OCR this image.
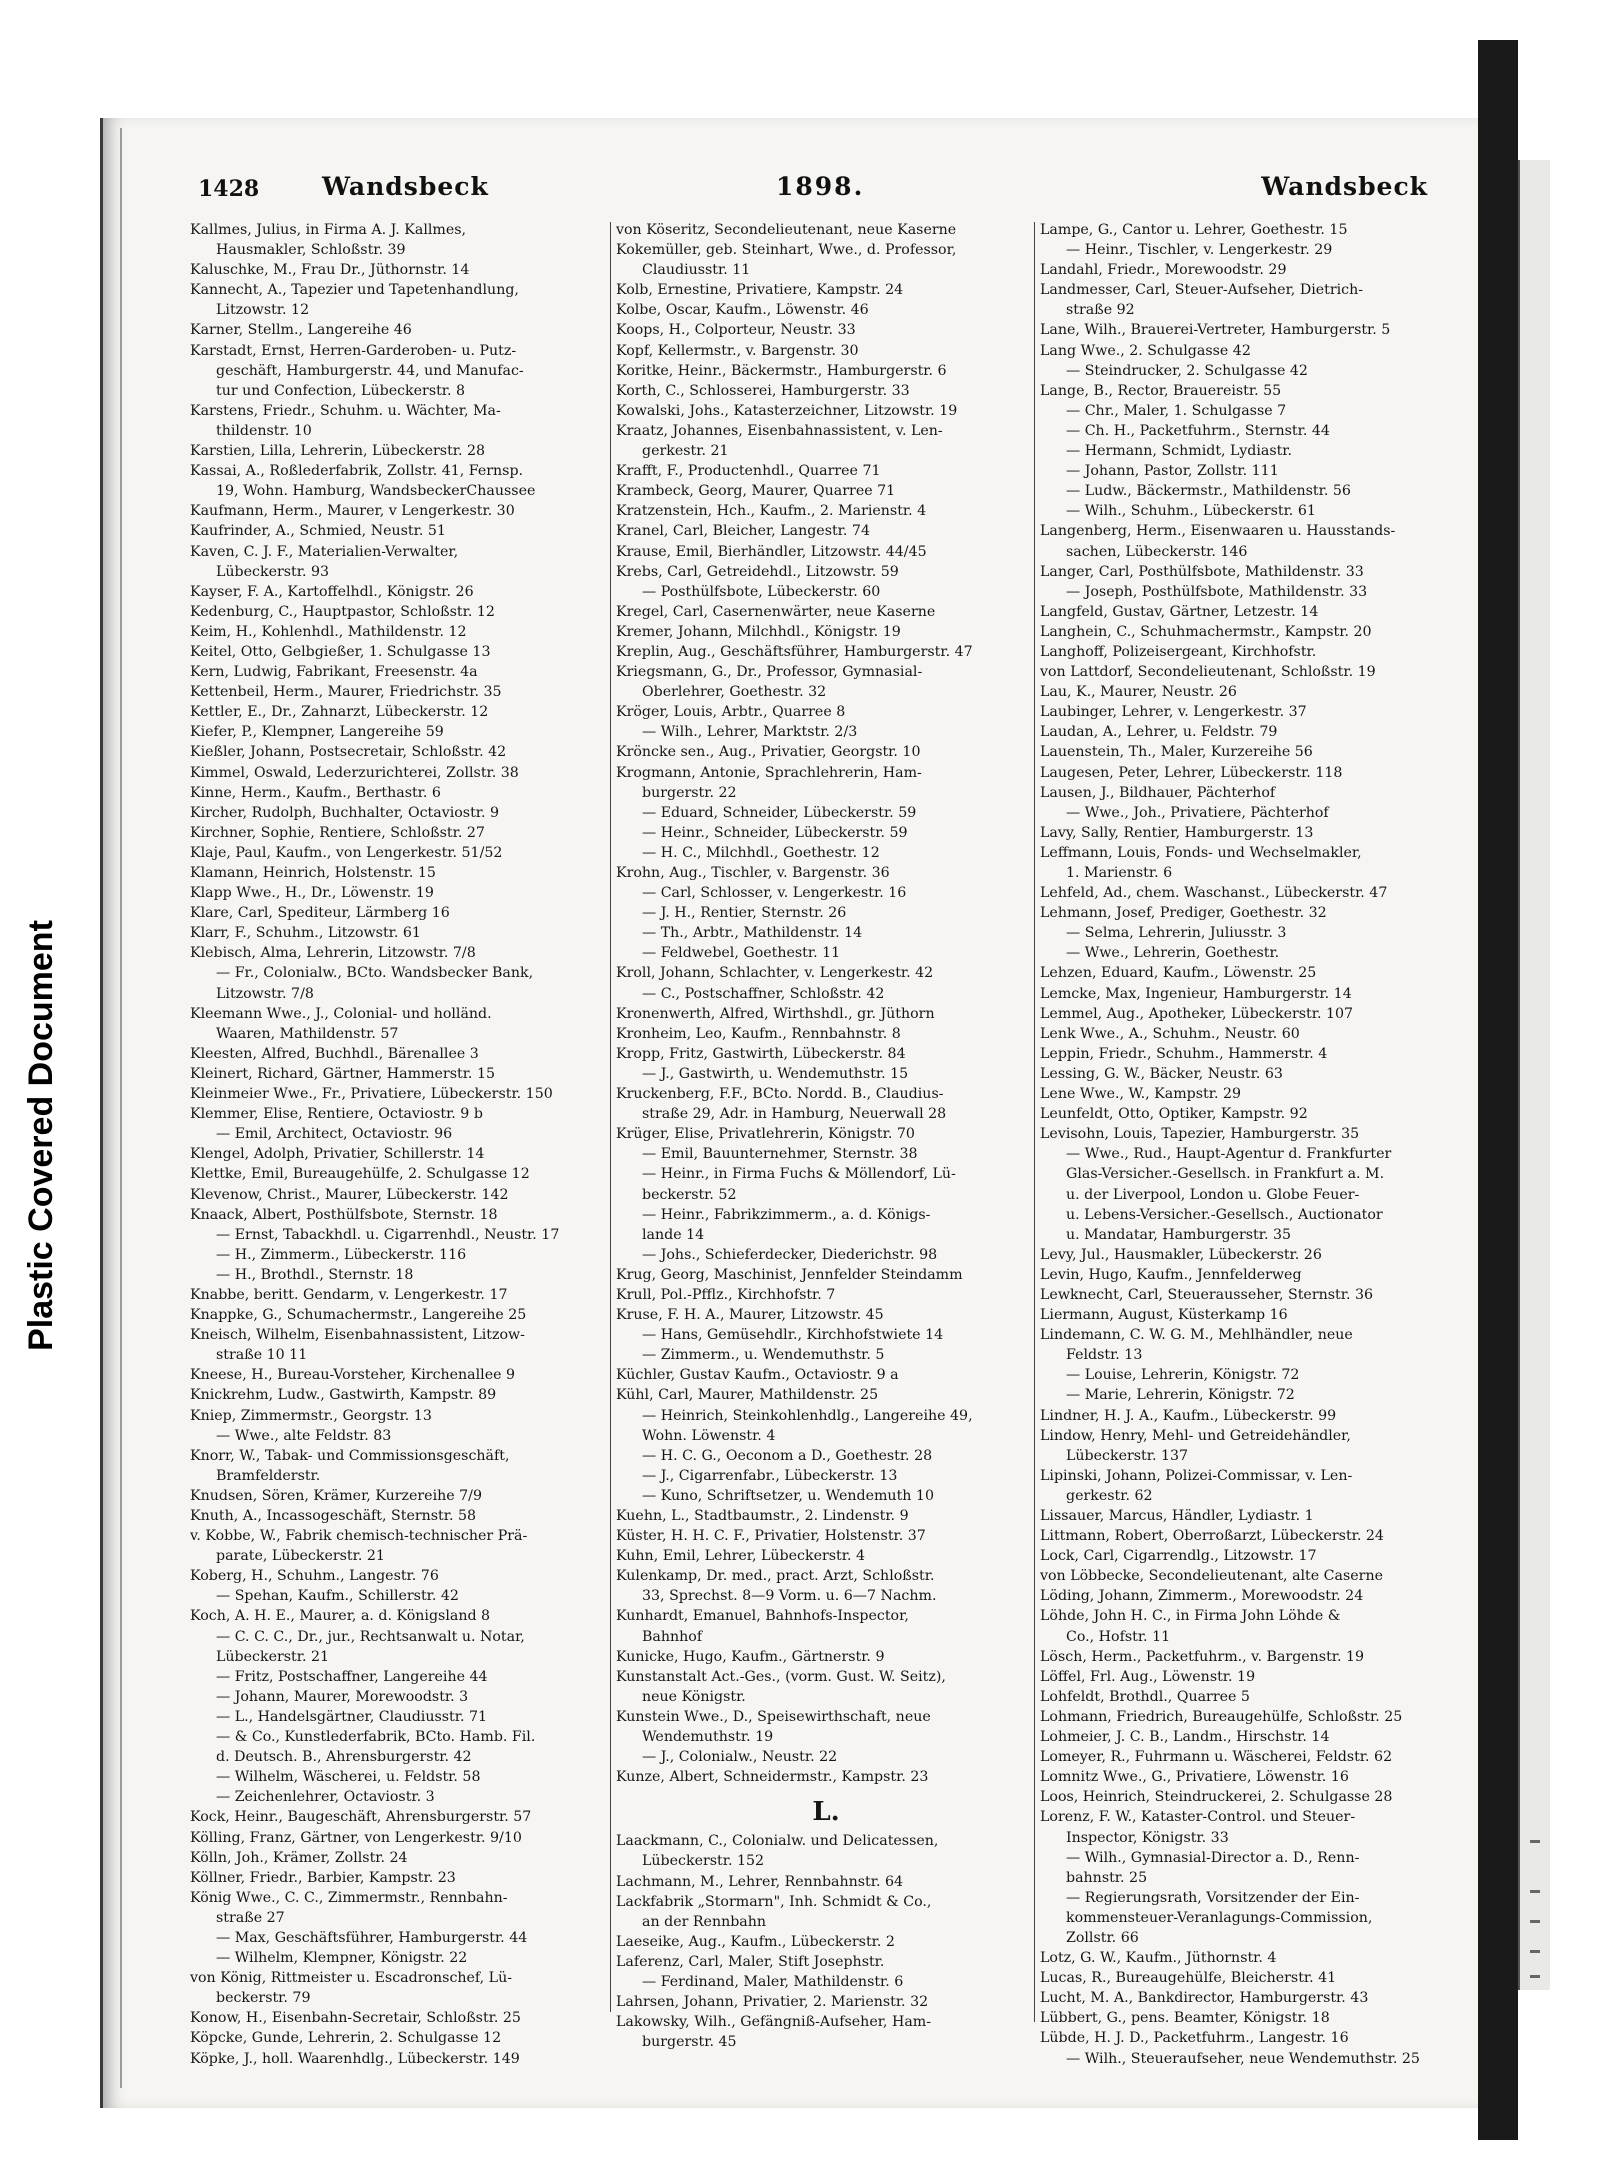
Plastic Covered Document
1428	Wandsbeck	1898.	Wandsbeck
Kallmes, Julius, in Firma A. J. Kallmes,
Hausmakler, Schloßstr. 39
Kaluschke, M., Frau Dr., Jüthornstr. 14
Kannecht, A., Tapezier und Tapetenhandlung,
Litzowstr. 12
Karner, Stellm., Langereihe 46
Karstadt, Ernst, Herren-Garderoben- u. Putz-
geschäft, Hamburgerstr. 44, und Manufac-
tur und Confection, Lübeckerstr. 8
Karstens, Friedr., Schuhm. u. Wächter, Ma-
thildenstr. 10
Karstien, Lilla, Lehrerin, Lübeckerstr. 28
Kassai, A., Roßlederfabrik, Zollstr. 41, Fernsp.
19, Wohn. Hamburg, WandsbeckerChaussee
Kaufmann, Herm., Maurer, v Lengerkestr. 30
Kaufrinder, A., Schmied, Neustr. 51
Kaven, C. J. F., Materialien-Verwalter,
Lübeckerstr. 93
Kayser, F. A., Kartoffelhdl., Königstr. 26
Kedenburg, C., Hauptpastor, Schloßstr. 12
Keim, H., Kohlenhdl., Mathildenstr. 12
Keitel, Otto, Gelbgießer, 1. Schulgasse 13
Kern, Ludwig, Fabrikant, Freesenstr. 4a
Kettenbeil, Herm., Maurer, Friedrichstr. 35
Kettler, E., Dr., Zahnarzt, Lübeckerstr. 12
Kiefer, P., Klempner, Langereihe 59
Kießler, Johann, Postsecretair, Schloßstr. 42
Kimmel, Oswald, Lederzurichterei, Zollstr. 38
Kinne, Herm., Kaufm., Berthastr. 6
Kircher, Rudolph, Buchhalter, Octaviostr. 9
Kirchner, Sophie, Rentiere, Schloßstr. 27
Klaje, Paul, Kaufm., von Lengerkestr. 51/52
Klamann, Heinrich, Holstenstr. 15
Klapp Wwe., H., Dr., Löwenstr. 19
Klare, Carl, Spediteur, Lärmberg 16
Klarr, F., Schuhm., Litzowstr. 61
Klebisch, Alma, Lehrerin, Litzowstr. 7/8
— Fr., Colonialw., BCto. Wandsbecker Bank,
Litzowstr. 7/8
Kleemann Wwe., J., Colonial- und holländ.
Waaren, Mathildenstr. 57
Kleesten, Alfred, Buchhdl., Bärenallee 3
Kleinert, Richard, Gärtner, Hammerstr. 15
Kleinmeier Wwe., Fr., Privatiere, Lübeckerstr. 150
Klemmer, Elise, Rentiere, Octaviostr. 9 b
— Emil, Architect, Octaviostr. 96
Klengel, Adolph, Privatier, Schillerstr. 14
Klettke, Emil, Bureaugehülfe, 2. Schulgasse 12
Klevenow, Christ., Maurer, Lübeckerstr. 142
Knaack, Albert, Posthülfsbote, Sternstr. 18
— Ernst, Tabackhdl. u. Cigarrenhdl., Neustr. 17
— H., Zimmerm., Lübeckerstr. 116
— H., Brothdl., Sternstr. 18
Knabbe, beritt. Gendarm, v. Lengerkestr. 17
Knappke, G., Schumachermstr., Langereihe 25
Kneisch, Wilhelm, Eisenbahnassistent, Litzow-
straße 10 11
Kneese, H., Bureau-Vorsteher, Kirchenallee 9
Knickrehm, Ludw., Gastwirth, Kampstr. 89
Kniep, Zimmermstr., Georgstr. 13
— Wwe., alte Feldstr. 83
Knorr, W., Tabak- und Commissionsgeschäft,
Bramfelderstr.
Knudsen, Sören, Krämer, Kurzereihe 7/9
Knuth, A., Incassogeschäft, Sternstr. 58
v. Kobbe, W., Fabrik chemisch-technischer Prä-
parate, Lübeckerstr. 21
Koberg, H., Schuhm., Langestr. 76
— Spehan, Kaufm., Schillerstr. 42
Koch, A. H. E., Maurer, a. d. Königsland 8
— C. C. C., Dr., jur., Rechtsanwalt u. Notar,
Lübeckerstr. 21
— Fritz, Postschaffner, Langereihe 44
— Johann, Maurer, Morewoodstr. 3
— L., Handelsgärtner, Claudiusstr. 71
— & Co., Kunstlederfabrik, BCto. Hamb. Fil.
d. Deutsch. B., Ahrensburgerstr. 42
— Wilhelm, Wäscherei, u. Feldstr. 58
— Zeichenlehrer, Octaviostr. 3
Kock, Heinr., Baugeschäft, Ahrensburgerstr. 57
Kölling, Franz, Gärtner, von Lengerkestr. 9/10
Kölln, Joh., Krämer, Zollstr. 24
Köllner, Friedr., Barbier, Kampstr. 23
König Wwe., C. C., Zimmermstr., Rennbahn-
straße 27
— Max, Geschäftsführer, Hamburgerstr. 44
— Wilhelm, Klempner, Königstr. 22
von König, Rittmeister u. Escadronschef, Lü-
beckerstr. 79
Konow, H., Eisenbahn-Secretair, Schloßstr. 25
Köpcke, Gunde, Lehrerin, 2. Schulgasse 12
Köpke, J., holl. Waarenhdlg., Lübeckerstr. 149
von Köseritz, Secondelieutenant, neue Kaserne
Kokemüller, geb. Steinhart, Wwe., d. Professor,
Claudiusstr. 11
Kolb, Ernestine, Privatiere, Kampstr. 24
Kolbe, Oscar, Kaufm., Löwenstr. 46
Koops, H., Colporteur, Neustr. 33
Kopf, Kellermstr., v. Bargenstr. 30
Koritke, Heinr., Bäckermstr., Hamburgerstr. 6
Korth, C., Schlosserei, Hamburgerstr. 33
Kowalski, Johs., Katasterzeichner, Litzowstr. 19
Kraatz, Johannes, Eisenbahnassistent, v. Len-
gerkestr. 21
Krafft, F., Productenhdl., Quarree 71
Krambeck, Georg, Maurer, Quarree 71
Kratzenstein, Hch., Kaufm., 2. Marienstr. 4
Kranel, Carl, Bleicher, Langestr. 74
Krause, Emil, Bierhändler, Litzowstr. 44/45
Krebs, Carl, Getreidehdl., Litzowstr. 59
— Posthülfsbote, Lübeckerstr. 60
Kregel, Carl, Casernenwärter, neue Kaserne
Kremer, Johann, Milchhdl., Königstr. 19
Kreplin, Aug., Geschäftsführer, Hamburgerstr. 47
Kriegsmann, G., Dr., Professor, Gymnasial-
Oberlehrer, Goethestr. 32
Kröger, Louis, Arbtr., Quarree 8
— Wilh., Lehrer, Marktstr. 2/3
Kröncke sen., Aug., Privatier, Georgstr. 10
Krogmann, Antonie, Sprachlehrerin, Ham-
burgerstr. 22
— Eduard, Schneider, Lübeckerstr. 59
— Heinr., Schneider, Lübeckerstr. 59
— H. C., Milchhdl., Goethestr. 12
Krohn, Aug., Tischler, v. Bargenstr. 36
— Carl, Schlosser, v. Lengerkestr. 16
— J. H., Rentier, Sternstr. 26
— Th., Arbtr., Mathildenstr. 14
— Feldwebel, Goethestr. 11
Kroll, Johann, Schlachter, v. Lengerkestr. 42
— C., Postschaffner, Schloßstr. 42
Kronenwerth, Alfred, Wirthshdl., gr. Jüthorn
Kronheim, Leo, Kaufm., Rennbahnstr. 8
Kropp, Fritz, Gastwirth, Lübeckerstr. 84
— J., Gastwirth, u. Wendemuthstr. 15
Kruckenberg, F.F., BCto. Nordd. B., Claudius-
straße 29, Adr. in Hamburg, Neuerwall 28
Krüger, Elise, Privatlehrerin, Königstr. 70
— Emil, Bauunternehmer, Sternstr. 38
— Heinr., in Firma Fuchs & Möllendorf, Lü-
beckerstr. 52
— Heinr., Fabrikzimmerm., a. d. Königs-
lande 14
— Johs., Schieferdecker, Diederichstr. 98
Krug, Georg, Maschinist, Jennfelder Steindamm
Krull, Pol.-Pfflz., Kirchhofstr. 7
Kruse, F. H. A., Maurer, Litzowstr. 45
— Hans, Gemüsehdlr., Kirchhofstwiete 14
— Zimmerm., u. Wendemuthstr. 5
Küchler, Gustav Kaufm., Octaviostr. 9 a
Kühl, Carl, Maurer, Mathildenstr. 25
— Heinrich, Steinkohlenhdlg., Langereihe 49,
Wohn. Löwenstr. 4
— H. C. G., Oeconom a D., Goethestr. 28
— J., Cigarrenfabr., Lübeckerstr. 13
— Kuno, Schriftsetzer, u. Wendemuth 10
Kuehn, L., Stadtbaumstr., 2. Lindenstr. 9
Küster, H. H. C. F., Privatier, Holstenstr. 37
Kuhn, Emil, Lehrer, Lübeckerstr. 4
Kulenkamp, Dr. med., pract. Arzt, Schloßstr.
33, Sprechst. 8—9 Vorm. u. 6—7 Nachm.
Kunhardt, Emanuel, Bahnhofs-Inspector,
Bahnhof
Kunicke, Hugo, Kaufm., Gärtnerstr. 9
Kunstanstalt Act.-Ges., (vorm. Gust. W. Seitz),
neue Königstr.
Kunstein Wwe., D., Speisewirthschaft, neue
Wendemuthstr. 19
— J., Colonialw., Neustr. 22
Kunze, Albert, Schneidermstr., Kampstr. 23
L.
Laackmann, C., Colonialw. und Delicatessen,
Lübeckerstr. 152
Lachmann, M., Lehrer, Rennbahnstr. 64
Lackfabrik „Stormarn", Inh. Schmidt & Co.,
an der Rennbahn
Laeseike, Aug., Kaufm., Lübeckerstr. 2
Laferenz, Carl, Maler, Stift Josephstr.
— Ferdinand, Maler, Mathildenstr. 6
Lahrsen, Johann, Privatier, 2. Marienstr. 32
Lakowsky, Wilh., Gefängniß-Aufseher, Ham-
burgerstr. 45
Lampe, G., Cantor u. Lehrer, Goethestr. 15
— Heinr., Tischler, v. Lengerkestr. 29
Landahl, Friedr., Morewoodstr. 29
Landmesser, Carl, Steuer-Aufseher, Dietrich-
straße 92
Lane, Wilh., Brauerei-Vertreter, Hamburgerstr. 5
Lang Wwe., 2. Schulgasse 42
— Steindrucker, 2. Schulgasse 42
Lange, B., Rector, Brauereistr. 55
— Chr., Maler, 1. Schulgasse 7
— Ch. H., Packetfuhrm., Sternstr. 44
— Hermann, Schmidt, Lydiastr.
— Johann, Pastor, Zollstr. 111
— Ludw., Bäckermstr., Mathildenstr. 56
— Wilh., Schuhm., Lübeckerstr. 61
Langenberg, Herm., Eisenwaaren u. Hausstands-
sachen, Lübeckerstr. 146
Langer, Carl, Posthülfsbote, Mathildenstr. 33
— Joseph, Posthülfsbote, Mathildenstr. 33
Langfeld, Gustav, Gärtner, Letzestr. 14
Langhein, C., Schuhmachermstr., Kampstr. 20
Langhoff, Polizeisergeant, Kirchhofstr.
von Lattdorf, Secondelieutenant, Schloßstr. 19
Lau, K., Maurer, Neustr. 26
Laubinger, Lehrer, v. Lengerkestr. 37
Laudan, A., Lehrer, u. Feldstr. 79
Lauenstein, Th., Maler, Kurzereihe 56
Laugesen, Peter, Lehrer, Lübeckerstr. 118
Lausen, J., Bildhauer, Pächterhof
— Wwe., Joh., Privatiere, Pächterhof
Lavy, Sally, Rentier, Hamburgerstr. 13
Leffmann, Louis, Fonds- und Wechselmakler,
1. Marienstr. 6
Lehfeld, Ad., chem. Waschanst., Lübeckerstr. 47
Lehmann, Josef, Prediger, Goethestr. 32
— Selma, Lehrerin, Juliusstr. 3
— Wwe., Lehrerin, Goethestr.
Lehzen, Eduard, Kaufm., Löwenstr. 25
Lemcke, Max, Ingenieur, Hamburgerstr. 14
Lemmel, Aug., Apotheker, Lübeckerstr. 107
Lenk Wwe., A., Schuhm., Neustr. 60
Leppin, Friedr., Schuhm., Hammerstr. 4
Lessing, G. W., Bäcker, Neustr. 63
Lene Wwe., W., Kampstr. 29
Leunfeldt, Otto, Optiker, Kampstr. 92
Levisohn, Louis, Tapezier, Hamburgerstr. 35
— Wwe., Rud., Haupt-Agentur d. Frankfurter
Glas-Versicher.-Gesellsch. in Frankfurt a. M.
u. der Liverpool, London u. Globe Feuer-
u. Lebens-Versicher.-Gesellsch., Auctionator
u. Mandatar, Hamburgerstr. 35
Levy, Jul., Hausmakler, Lübeckerstr. 26
Levin, Hugo, Kaufm., Jennfelderweg
Lewknecht, Carl, Steuerausseher, Sternstr. 36
Liermann, August, Küsterkamp 16
Lindemann, C. W. G. M., Mehlhändler, neue
Feldstr. 13
— Louise, Lehrerin, Königstr. 72
— Marie, Lehrerin, Königstr. 72
Lindner, H. J. A., Kaufm., Lübeckerstr. 99
Lindow, Henry, Mehl- und Getreidehändler,
Lübeckerstr. 137
Lipinski, Johann, Polizei-Commissar, v. Len-
gerkestr. 62
Lissauer, Marcus, Händler, Lydiastr. 1
Littmann, Robert, Oberroßarzt, Lübeckerstr. 24
Lock, Carl, Cigarrendlg., Litzowstr. 17
von Löbbecke, Secondelieutenant, alte Caserne
Löding, Johann, Zimmerm., Morewoodstr. 24
Löhde, John H. C., in Firma John Löhde &
Co., Hofstr. 11
Lösch, Herm., Packetfuhrm., v. Bargenstr. 19
Löffel, Frl. Aug., Löwenstr. 19
Lohfeldt, Brothdl., Quarree 5
Lohmann, Friedrich, Bureaugehülfe, Schloßstr. 25
Lohmeier, J. C. B., Landm., Hirschstr. 14
Lomeyer, R., Fuhrmann u. Wäscherei, Feldstr. 62
Lomnitz Wwe., G., Privatiere, Löwenstr. 16
Loos, Heinrich, Steindruckerei, 2. Schulgasse 28
Lorenz, F. W., Kataster-Control. und Steuer-
Inspector, Königstr. 33
— Wilh., Gymnasial-Director a. D., Renn-
bahnstr. 25
— Regierungsrath, Vorsitzender der Ein-
kommensteuer-Veranlagungs-Commission,
Zollstr. 66
Lotz, G. W., Kaufm., Jüthornstr. 4
Lucas, R., Bureaugehülfe, Bleicherstr. 41
Lucht, M. A., Bankdirector, Hamburgerstr. 43
Lübbert, G., pens. Beamter, Königstr. 18
Lübde, H. J. D., Packetfuhrm., Langestr. 16
— Wilh., Steueraufseher, neue Wendemuthstr. 25
